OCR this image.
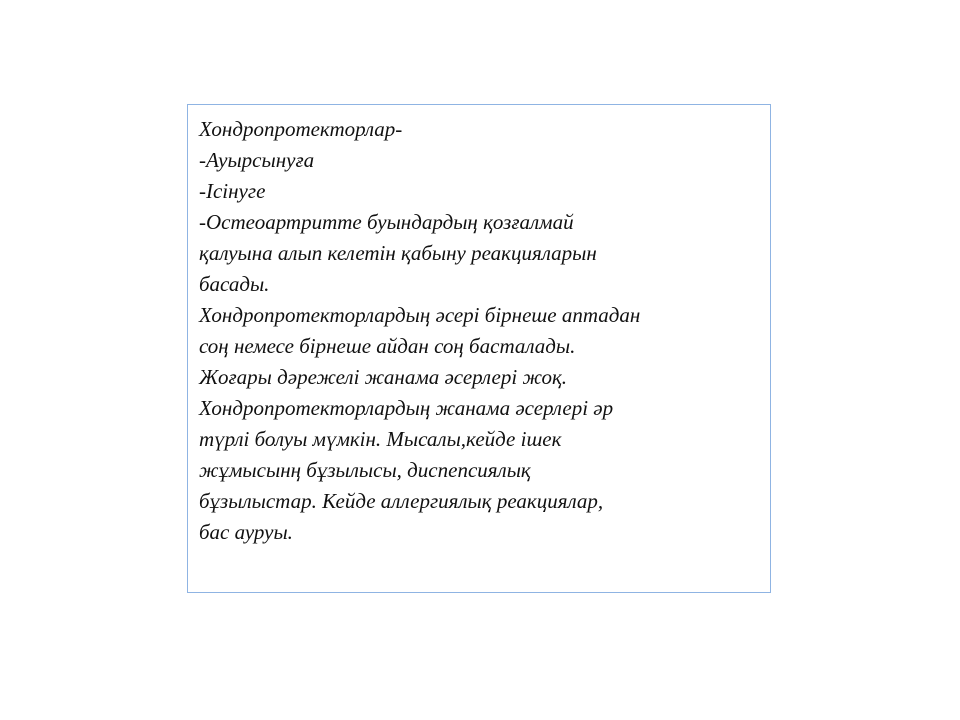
Хондропротекторлар-
-Ауырсынуға
-Ісінуге
-Остеоартритте буындардың қозғалмай
қалуына алып келетін қабыну реакцияларын
басады.
Хондропротекторлардың әсері бірнеше аптадан
соң немесе бірнеше айдан соң басталады.
Жоғары дәрежелі жанама әсерлері жоқ.
Хондропротекторлардың жанама әсерлері әр
түрлі болуы мүмкін. Мысалы,кейде ішек
жұмысынң бұзылысы, диспепсиялық
бұзылыстар. Кейде аллергиялық реакциялар,
бас ауруы.
